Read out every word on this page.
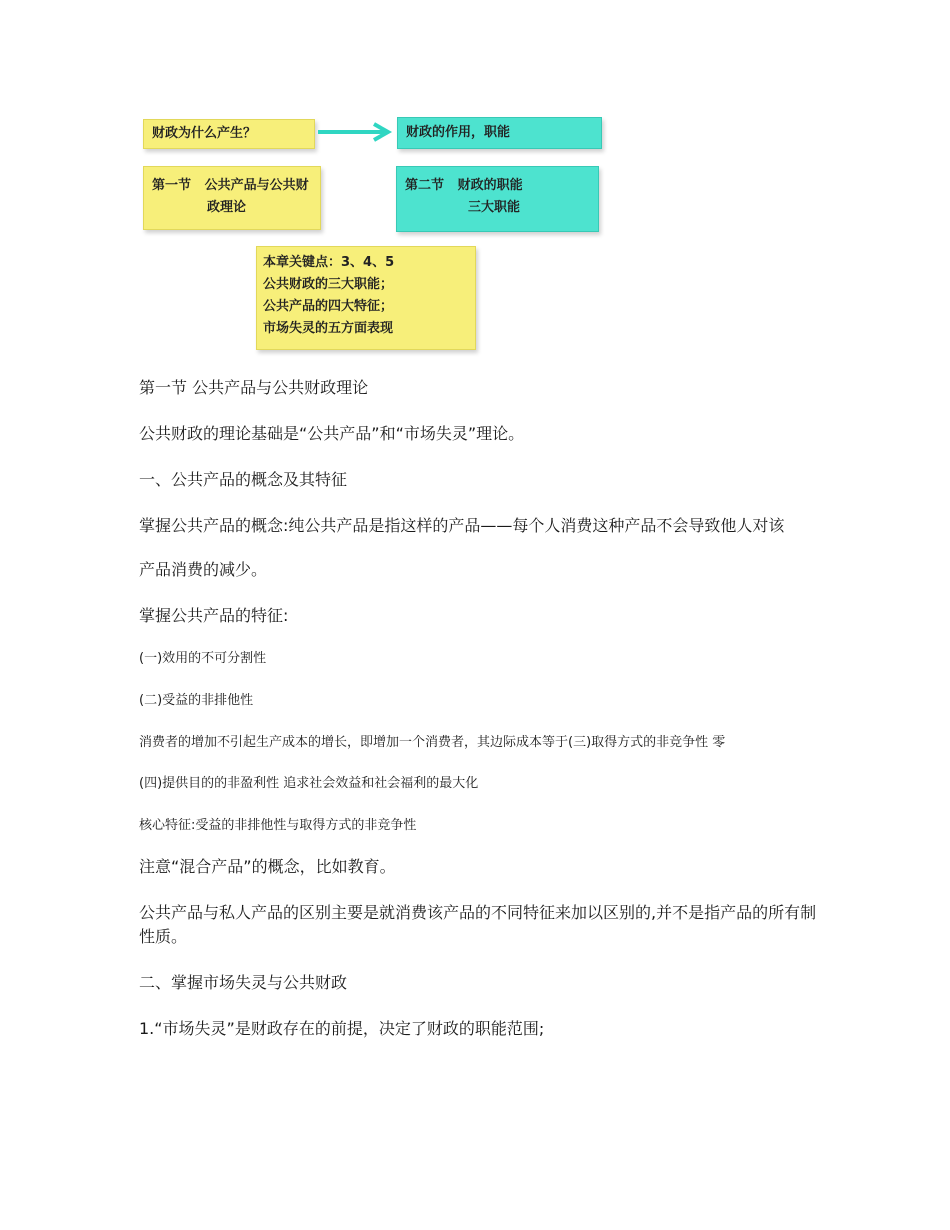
财政为什么产生？	财政的作用，职能
第一节   公共产品与公共财
政理论
第二节   财政的职能
三大职能
本章关键点：3、4、5
公共财政的三大职能；
公共产品的四大特征；
市场失灵的五方面表现

第一节 公共产品与公共财政理论

公共财政的理论基础是“公共产品”和“市场失灵”理论。

一、公共产品的概念及其特征

掌握公共产品的概念:纯公共产品是指这样的产品——每个人消费这种产品不会导致他人对该

产品消费的减少。

掌握公共产品的特征:

(一)效用的不可分割性

(二)受益的非排他性

消费者的增加不引起生产成本的增长，即增加一个消费者，其边际成本等于(三)取得方式的非竞争性 零

(四)提供目的的非盈利性 追求社会效益和社会福利的最大化

核心特征:受益的非排他性与取得方式的非竞争性

注意“混合产品”的概念，比如教育。

公共产品与私人产品的区别主要是就消费该产品的不同特征来加以区别的,并不是指产品的所有制性质。

二、掌握市场失灵与公共财政

1.“市场失灵”是财政存在的前提，决定了财政的职能范围;
